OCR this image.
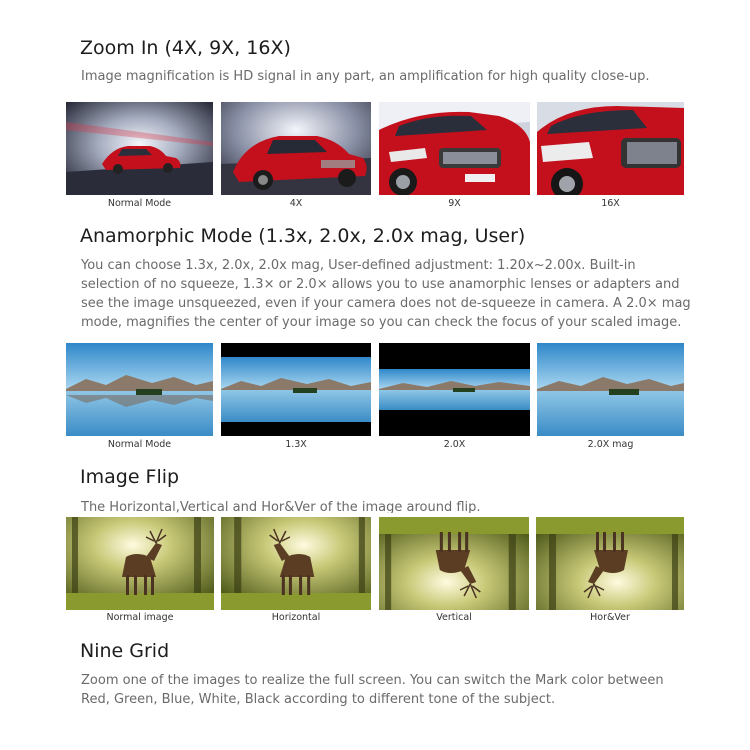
Zoom In (4X, 9X, 16X)

Image magnification is HD signal in any part, an amplification for high quality close-up.

Normal Mode	4X	9X	16X
Anamorphic Mode (1.3x, 2.0x, 2.0x mag, User)

You can choose 1.3x, 2.0x, 2.0x mag, User-defined adjustment: 1.20x~2.00x. Built-in selection of no squeeze, 1.3× or 2.0× allows you to use anamorphic lenses or adapters and see the image unsqueezed, even if your camera does not de-squeeze in camera. A 2.0× mag mode, magnifies the center of your image so you can check the focus of your scaled image.

Normal Mode	1.3X	2.0X	2.0X mag
Image Flip

The Horizontal,Vertical and Hor&Ver of the image around flip.

Normal image	Horizontal	Vertical	Hor&Ver
Nine Grid

Zoom one of the images to realize the full screen. You can switch the Mark color between Red, Green, Blue, White, Black according to different tone of the subject.
